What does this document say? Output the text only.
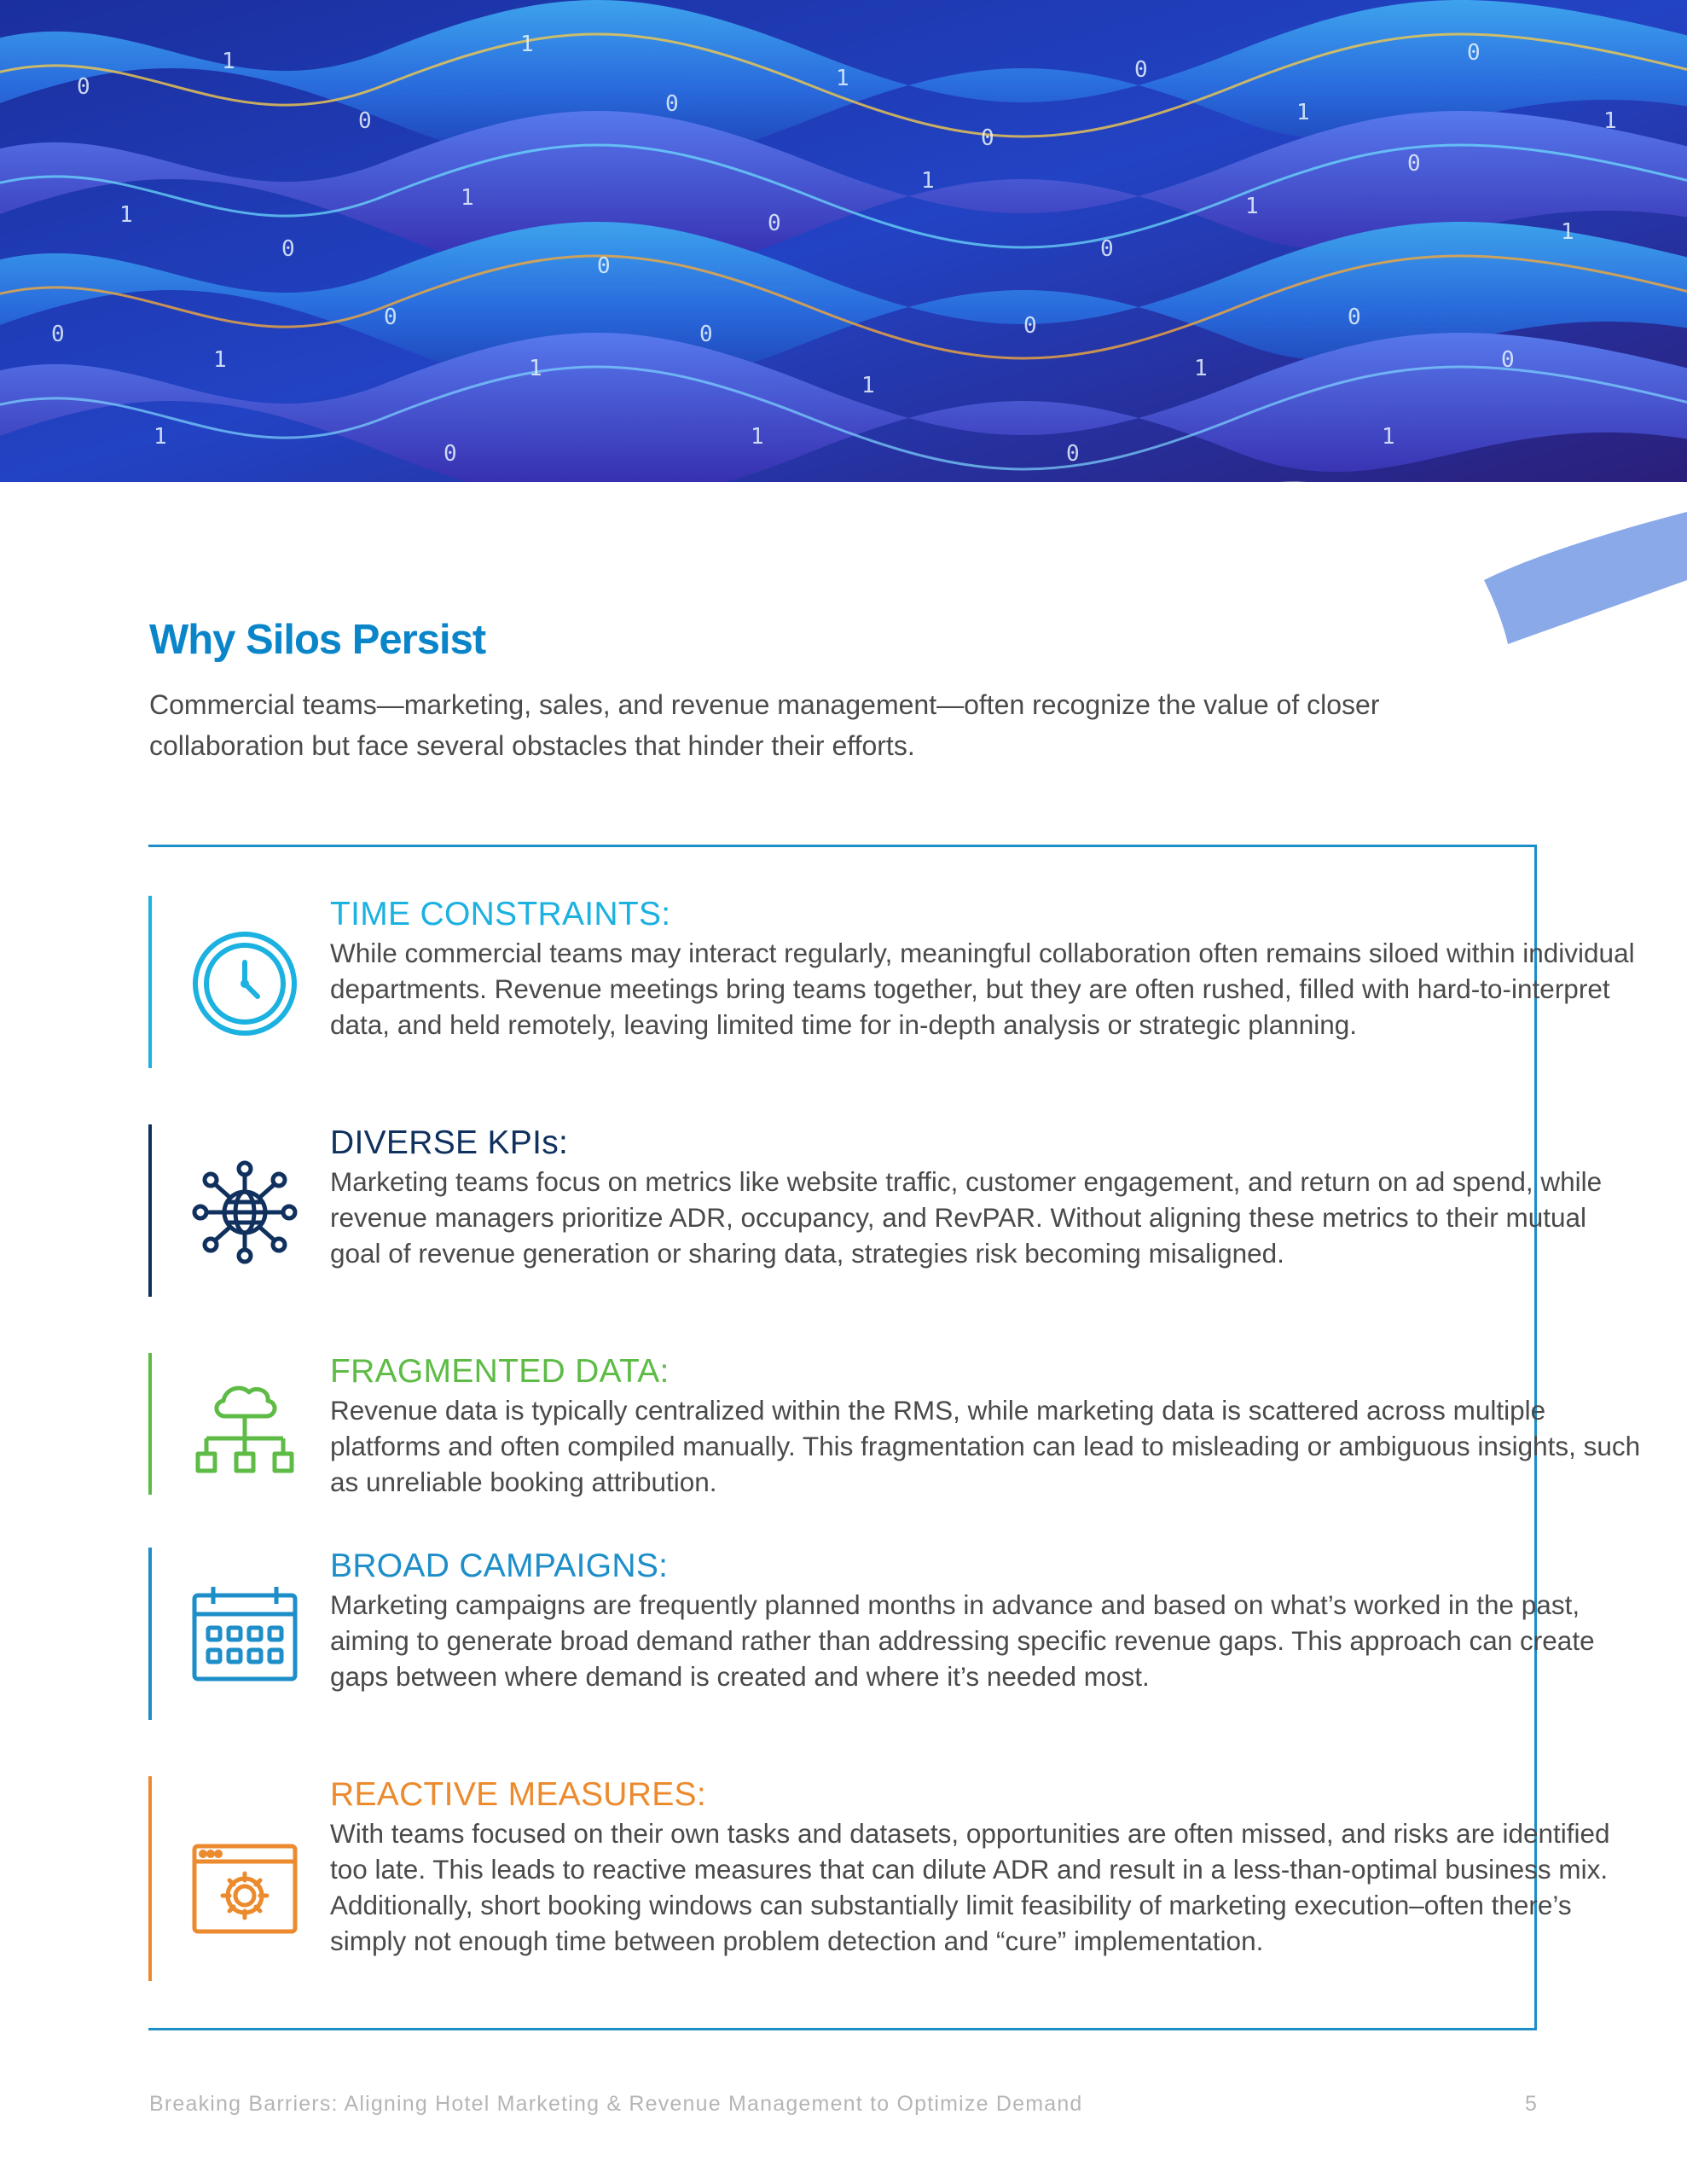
0
1
0
1
0
1
0
0
1
0
1
1
0
1
0
0
1
0
1
0
1
0
1
0
1
0
1
0
1
0
0
1
0
1
0
1
Why Silos Persist

Commercial teams—marketing, sales, and revenue management—often recognize the value of closer collaboration but face several obstacles that hinder their efforts.

TIME CONSTRAINTS:

While commercial teams may interact regularly, meaningful collaboration often remains siloed within individual departments. Revenue meetings bring teams together, but they are often rushed, filled with hard-to-interpret data, and held remotely, leaving limited time for in-depth analysis or strategic planning.

DIVERSE KPIs:

Marketing teams focus on metrics like website traffic, customer engagement, and return on ad spend, while revenue managers prioritize ADR, occupancy, and RevPAR. Without aligning these metrics to their mutual goal of revenue generation or sharing data, strategies risk becoming misaligned.

FRAGMENTED DATA:

Revenue data is typically centralized within the RMS, while marketing data is scattered across multiple platforms and often compiled manually. This fragmentation can lead to misleading or ambiguous insights, such as unreliable booking attribution.

BROAD CAMPAIGNS:

Marketing campaigns are frequently planned months in advance and based on what’s worked in the past, aiming to generate broad demand rather than addressing specific revenue gaps. This approach can create gaps between where demand is created and where it’s needed most.

REACTIVE MEASURES:

With teams focused on their own tasks and datasets, opportunities are often missed, and risks are identified too late. This leads to reactive measures that can dilute ADR and result in a less-than-optimal business mix. Additionally, short booking windows can substantially limit feasibility of marketing execution–often there’s simply not enough time between problem detection and “cure” implementation.

Breaking Barriers: Aligning Hotel Marketing & Revenue Management to Optimize Demand	5
